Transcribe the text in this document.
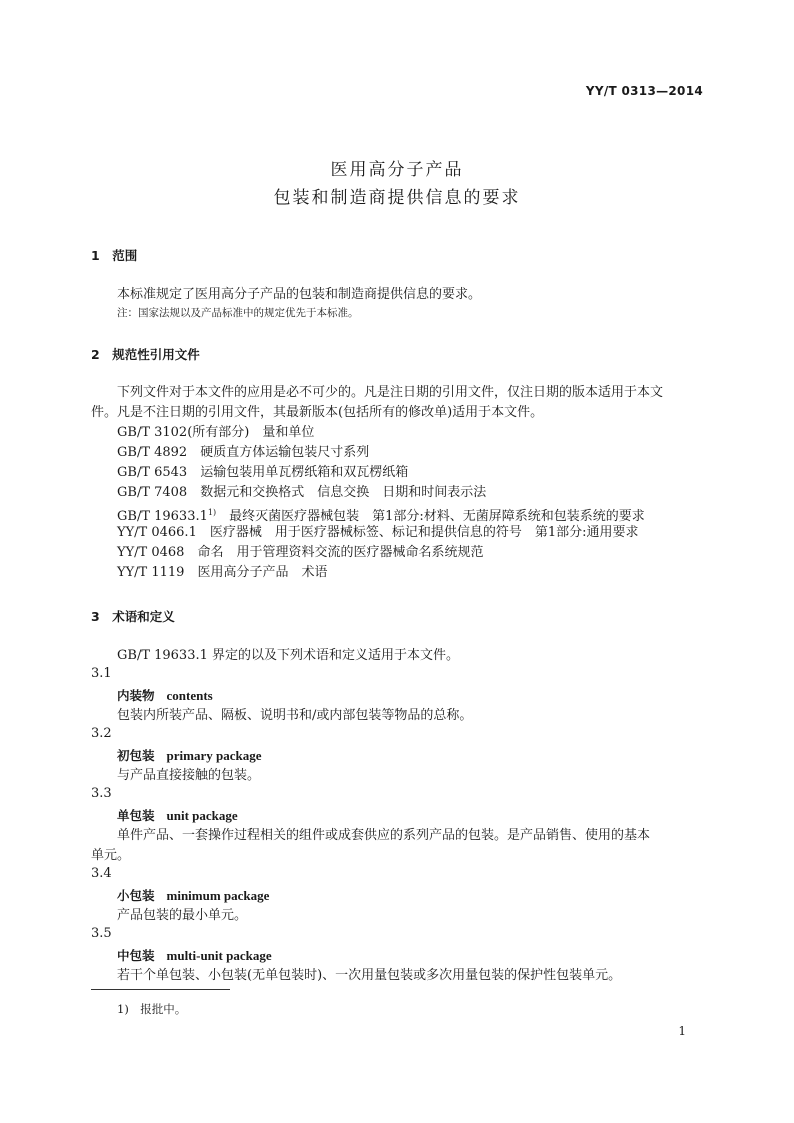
YY/T 0313—2014
医用高分子产品
包装和制造商提供信息的要求
1　范围
本标准规定了医用高分子产品的包装和制造商提供信息的要求。
注：国家法规以及产品标准中的规定优先于本标准。
2　规范性引用文件
下列文件对于本文件的应用是必不可少的。凡是注日期的引用文件，仅注日期的版本适用于本文
件。凡是不注日期的引用文件，其最新版本(包括所有的修改单)适用于本文件。
GB/T 3102(所有部分)　 量和单位
GB/T 4892　 硬质直方体运输包装尺寸系列
GB/T 6543　 运输包装用单瓦楞纸箱和双瓦楞纸箱
GB/T 7408　 数据元和交换格式　信息交换　日期和时间表示法
GB/T 19633.1$^{1)}$　 最终灭菌医疗器械包装　第1部分:材料、无菌屏障系统和包装系统的要求
YY/T 0466.1　 医疗器械　用于医疗器械标签、标记和提供信息的符号　第1部分:通用要求
YY/T 0468　 命名　用于管理资料交流的医疗器械命名系统规范
YY/T 1119　 医用高分子产品　术语
3　术语和定义
GB/T 19633.1 界定的以及下列术语和定义适用于本文件。
3.1
内装物 contents
包装内所装产品、隔板、说明书和/或内部包装等物品的总称。
3.2
初包装 primary package
与产品直接接触的包装。
3.3
单包装 unit package
单件产品、一套操作过程相关的组件或成套供应的系列产品的包装。是产品销售、使用的基本
单元。
3.4
小包装 minimum package
产品包装的最小单元。
3.5
中包装 multi-unit package
若干个单包装、小包装(无单包装时)、一次用量包装或多次用量包装的保护性包装单元。
1)　报批中。
1
